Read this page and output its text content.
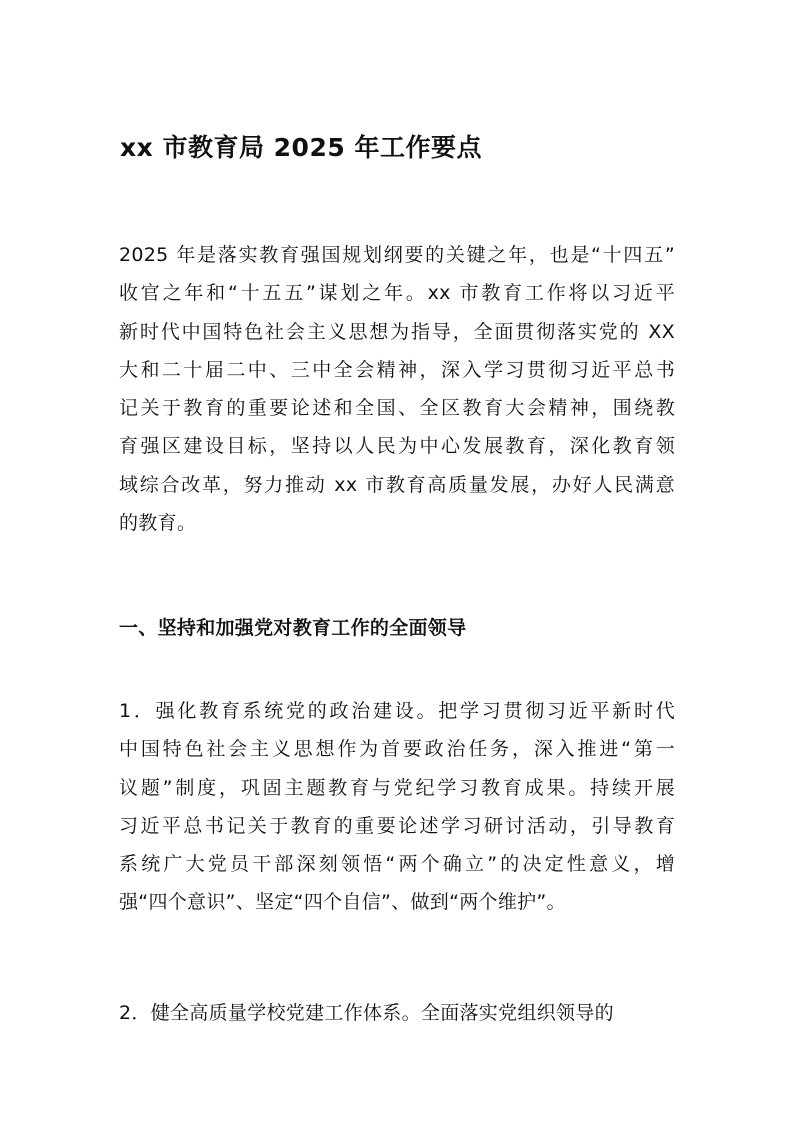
xx 市教育局 2025 年工作要点

2025 年是落实教育强国规划纲要的关键之年，也是“十四五”
收官之年和“十五五”谋划之年。xx 市教育工作将以习近平
新时代中国特色社会主义思想为指导，全面贯彻落实党的 XX
大和二十届二中、三中全会精神，深入学习贯彻习近平总书
记关于教育的重要论述和全国、全区教育大会精神，围绕教
育强区建设目标，坚持以人民为中心发展教育，深化教育领
域综合改革，努力推动 xx 市教育高质量发展，办好人民满意
的教育。

一、坚持和加强党对教育工作的全面领导

1．强化教育系统党的政治建设。把学习贯彻习近平新时代
中国特色社会主义思想作为首要政治任务，深入推进“第一
议题”制度，巩固主题教育与党纪学习教育成果。持续开展
习近平总书记关于教育的重要论述学习研讨活动，引导教育
系统广大党员干部深刻领悟“两个确立”的决定性意义，增
强“四个意识”、坚定“四个自信”、做到“两个维护”。

2．健全高质量学校党建工作体系。全面落实党组织领导的
